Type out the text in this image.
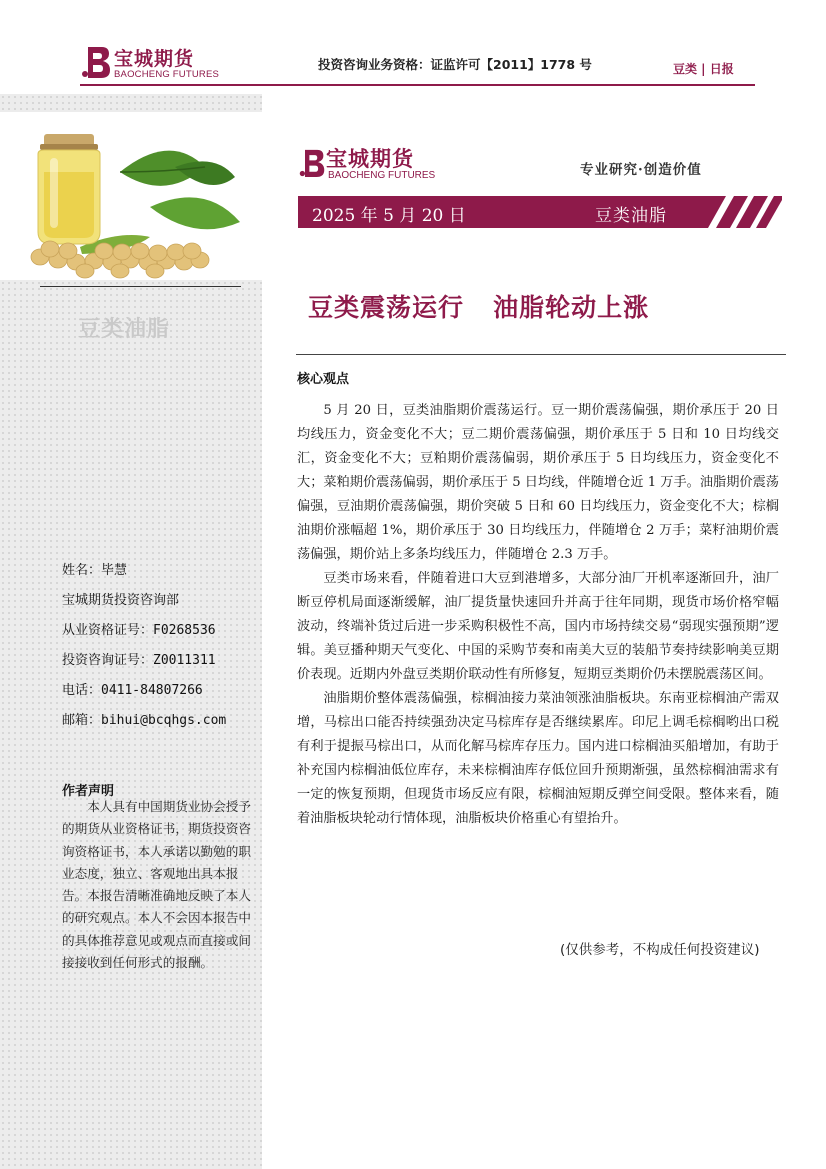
宝城期货
BAOCHENG FUTURES
投资咨询业务资格：证监许可【2011】1778 号	豆类 | 日报
豆类油脂
姓名：毕慧
宝城期货投资咨询部
从业资格证号：F0268536
投资咨询证号：Z0011311
电话：0411-84807266
邮箱：bihui@bcqhgs.com
作者声明
本人具有中国期货业协会授予的期货从业资格证书，期货投资咨询资格证书，本人承诺以勤勉的职业态度，独立、客观地出具本报告。本报告清晰准确地反映了本人的研究观点。本人不会因本报告中的具体推荐意见或观点而直接或间接接收到任何形式的报酬。
宝城期货
BAOCHENG FUTURES	专业研究·创造价值
2025 年 5 月 20 日	豆类油脂
豆类震荡运行   油脂轮动上涨
核心观点

5 月 20 日，豆类油脂期价震荡运行。豆一期价震荡偏强，期价承压于 20 日均线压力，资金变化不大；豆二期价震荡偏强，期价承压于 5 日和 10 日均线交汇，资金变化不大；豆粕期价震荡偏弱，期价承压于 5 日均线压力，资金变化不大；菜粕期价震荡偏弱，期价承压于 5 日均线，伴随增仓近 1 万手。油脂期价震荡偏强，豆油期价震荡偏强，期价突破 5 日和 60 日均线压力，资金变化不大；棕榈油期价涨幅超 1%，期价承压于 30 日均线压力，伴随增仓 2 万手；菜籽油期价震荡偏强，期价站上多条均线压力，伴随增仓 2.3 万手。

豆类市场来看，伴随着进口大豆到港增多，大部分油厂开机率逐渐回升，油厂断豆停机局面逐渐缓解，油厂提货量快速回升并高于往年同期，现货市场价格窄幅波动，终端补货过后进一步采购积极性不高，国内市场持续交易“弱现实强预期”逻辑。美豆播种期天气变化、中国的采购节奏和南美大豆的装船节奏持续影响美豆期价表现。近期内外盘豆类期价联动性有所修复，短期豆类期价仍未摆脱震荡区间。

油脂期价整体震荡偏强，棕榈油接力菜油领涨油脂板块。东南亚棕榈油产需双增，马棕出口能否持续强劲决定马棕库存是否继续累库。印尼上调毛棕榈哟出口税有利于提振马棕出口，从而化解马棕库存压力。国内进口棕榈油买船增加，有助于补充国内棕榈油低位库存，未来棕榈油库存低位回升预期渐强，虽然棕榈油需求有一定的恢复预期，但现货市场反应有限，棕榈油短期反弹空间受限。整体来看，随着油脂板块轮动行情体现，油脂板块价格重心有望抬升。

(仅供参考，不构成任何投资建议)
